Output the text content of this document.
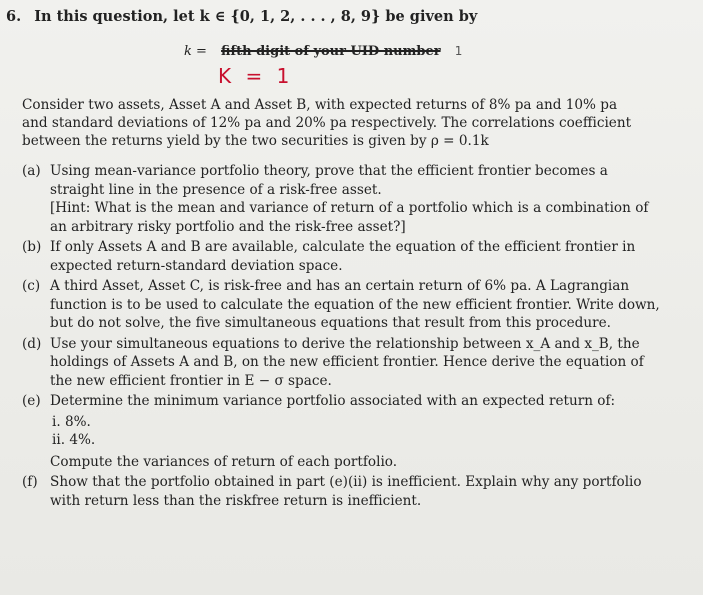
6. In this question, let k ∈ {0, 1, 2, . . . , 8, 9} be given by
k = fifth digit of your UID number 1
K = 1
Consider two assets, Asset A and Asset B, with expected returns of 8% pa and 10% pa and standard deviations of 12% pa and 20% pa respectively. The correlations coefficient between the returns yield by the two securities is given by ρ = 0.1k
(a) Using mean-variance portfolio theory, prove that the efficient frontier becomes a straight line in the presence of a risk-free asset.
[Hint: What is the mean and variance of return of a portfolio which is a combination of an arbitrary risky portfolio and the risk-free asset?]
(b) If only Assets A and B are available, calculate the equation of the efficient frontier in expected return-standard deviation space.
(c) A third Asset, Asset C, is risk-free and has an certain return of 6% pa. A Lagrangian function is to be used to calculate the equation of the new efficient frontier. Write down, but do not solve, the five simultaneous equations that result from this procedure.
(d) Use your simultaneous equations to derive the relationship between x_A and x_B, the holdings of Assets A and B, on the new efficient frontier. Hence derive the equation of the new efficient frontier in E − σ space.
(e) Determine the minimum variance portfolio associated with an expected return of:
i. 8%.
ii. 4%.
Compute the variances of return of each portfolio.
(f) Show that the portfolio obtained in part (e)(ii) is inefficient. Explain why any portfolio with return less than the riskfree return is inefficient.
